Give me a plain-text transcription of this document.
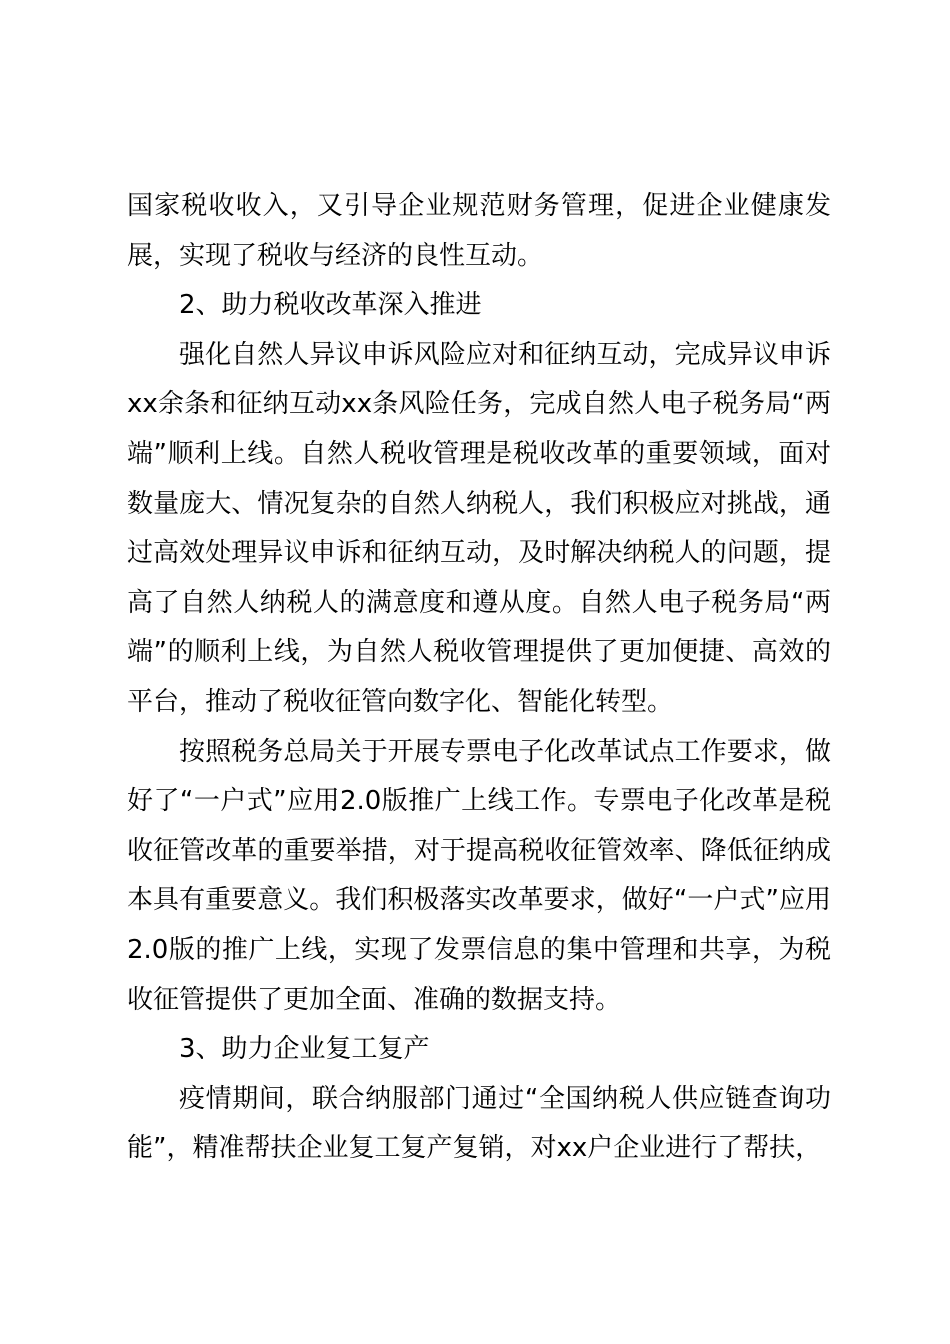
国家税收收入，又引导企业规范财务管理，促进企业健康发展，实现了税收与经济的良性互动。

2、助力税收改革深入推进

强化自然人异议申诉风险应对和征纳互动，完成异议申诉xx余条和征纳互动xx条风险任务，完成自然人电子税务局“两端”顺利上线。自然人税收管理是税收改革的重要领域，面对数量庞大、情况复杂的自然人纳税人，我们积极应对挑战，通过高效处理异议申诉和征纳互动，及时解决纳税人的问题，提高了自然人纳税人的满意度和遵从度。自然人电子税务局“两端”的顺利上线，为自然人税收管理提供了更加便捷、高效的平台，推动了税收征管向数字化、智能化转型。

按照税务总局关于开展专票电子化改革试点工作要求，做好了“一户式”应用2.0版推广上线工作。专票电子化改革是税收征管改革的重要举措，对于提高税收征管效率、降低征纳成本具有重要意义。我们积极落实改革要求，做好“一户式”应用2.0版的推广上线，实现了发票信息的集中管理和共享，为税收征管提供了更加全面、准确的数据支持。

3、助力企业复工复产

疫情期间，联合纳服部门通过“全国纳税人供应链查询功能”，精准帮扶企业复工复产复销，对xx户企业进行了帮扶，
